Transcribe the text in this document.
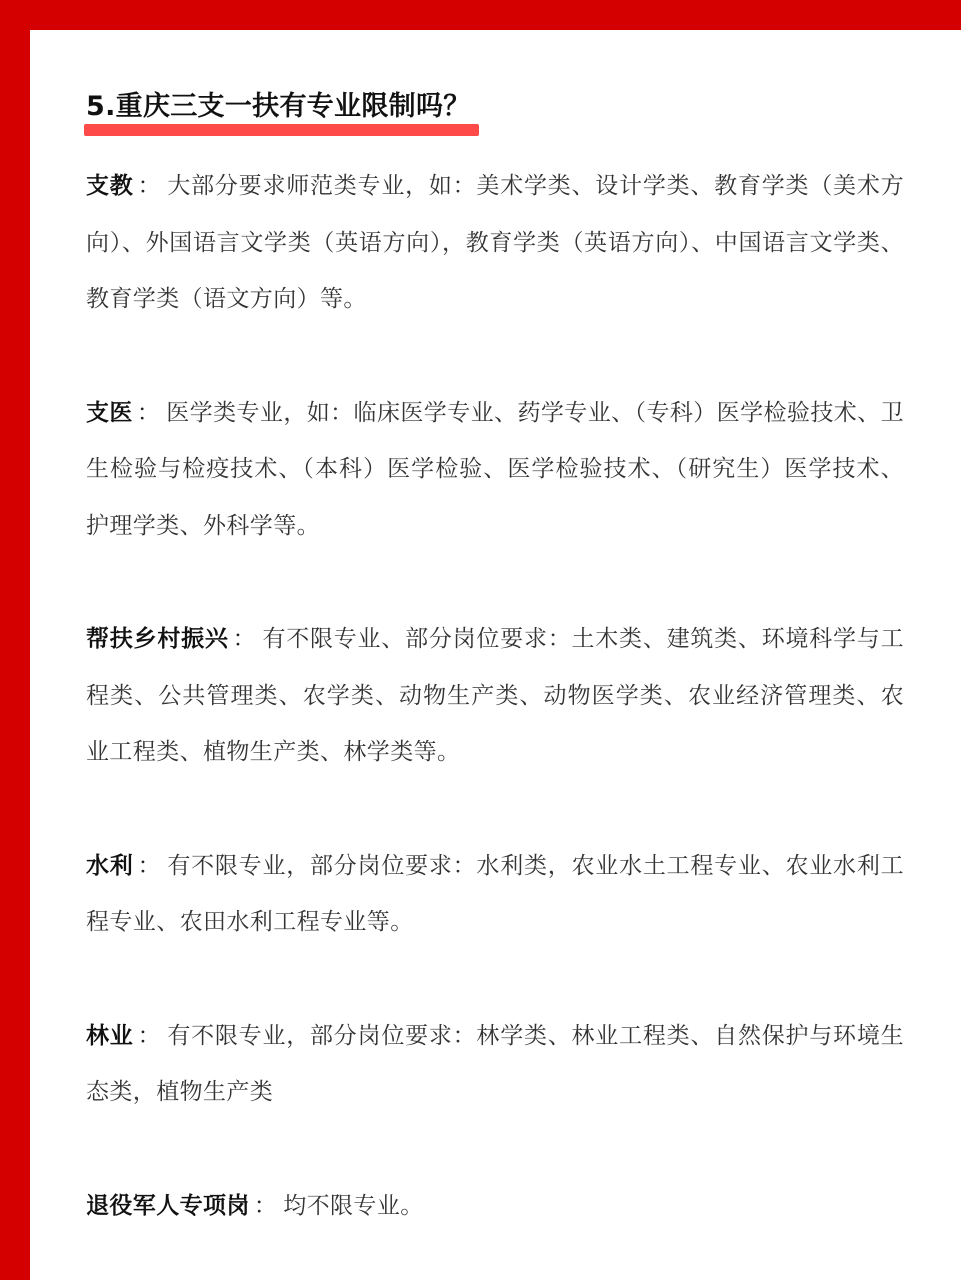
5.重庆三支一扶有专业限制吗？

支教 ： 大部分要求师范类专业，如：美术学类、设计学类、教育学类（美术方向）、外国语言文学类（英语方向），教育学类（英语方向）、中国语言文学类、教育学类（语文方向）等。

支医 ： 医学类专业，如：临床医学专业、药学专业、（专科）医学检验技术、卫生检验与检疫技术、（本科）医学检验、医学检验技术、（研究生）医学技术、护理学类、外科学等。

帮扶乡村振兴 ： 有不限专业、部分岗位要求：土木类、建筑类、环境科学与工程类、公共管理类、农学类、动物生产类、动物医学类、农业经济管理类、农业工程类、植物生产类、林学类等。

水利 ： 有不限专业，部分岗位要求：水利类，农业水土工程专业、农业水利工程专业、农田水利工程专业等。

林业 ： 有不限专业，部分岗位要求：林学类、林业工程类、自然保护与环境生态类，植物生产类

退役军人专项岗 ： 均不限专业。
